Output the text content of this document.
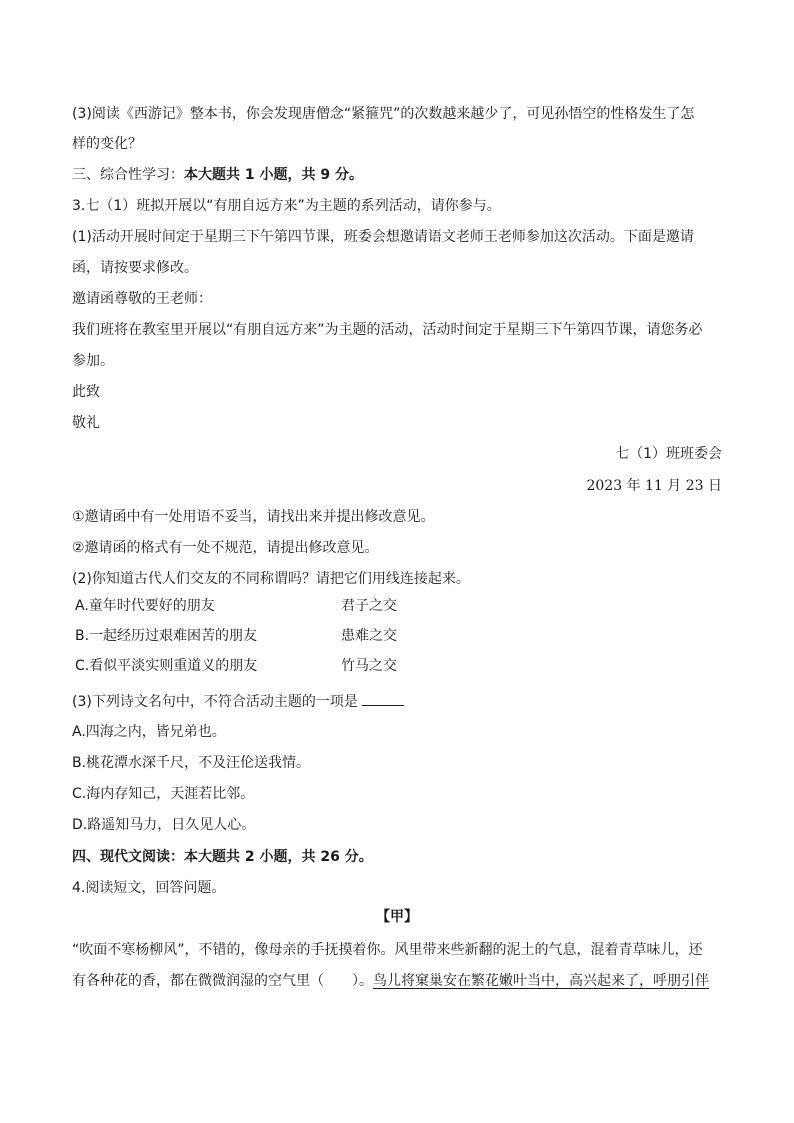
(3)阅读《西游记》整本书，你会发现唐僧念“紧箍咒”的次数越来越少了，可见孙悟空的性格发生了怎
样的变化？
三、综合性学习：本大题共 1 小题，共 9 分。
3.七（1）班拟开展以“有朋自远方来”为主题的系列活动，请你参与。
(1)活动开展时间定于星期三下午第四节课，班委会想邀请语文老师王老师参加这次活动。下面是邀请
函，请按要求修改。
邀请函尊敬的王老师：
我们班将在教室里开展以“有朋自远方来”为主题的活动，活动时间定于星期三下午第四节课，请您务必
参加。
此致
敬礼
七（1）班班委会
2023 年 11 月 23 日
①邀请函中有一处用语不妥当，请找出来并提出修改意见。
②邀请函的格式有一处不规范，请提出修改意见。
(2)你知道古代人们交友的不同称谓吗？请把它们用线连接起来。
A.童年时代要好的朋友	君子之交
B.一起经历过艰难困苦的朋友	患难之交
C.看似平淡实则重道义的朋友	竹马之交
(3)下列诗文名句中，不符合活动主题的一项是
A.四海之内，皆兄弟也。
B.桃花潭水深千尺，不及汪伦送我情。
C.海内存知己，天涯若比邻。
D.路遥知马力，日久见人心。
四、现代文阅读：本大题共 2 小题，共 26 分。
4.阅读短文，回答问题。
【甲】
“吹面不寒杨柳风”，不错的，像母亲的手抚摸着你。风里带来些新翻的泥土的气息，混着青草味儿，还
有各种花的香，都在微微润湿的空气里（　　）。鸟儿将窠巢安在繁花嫩叶当中，高兴起来了，呼朋引伴
